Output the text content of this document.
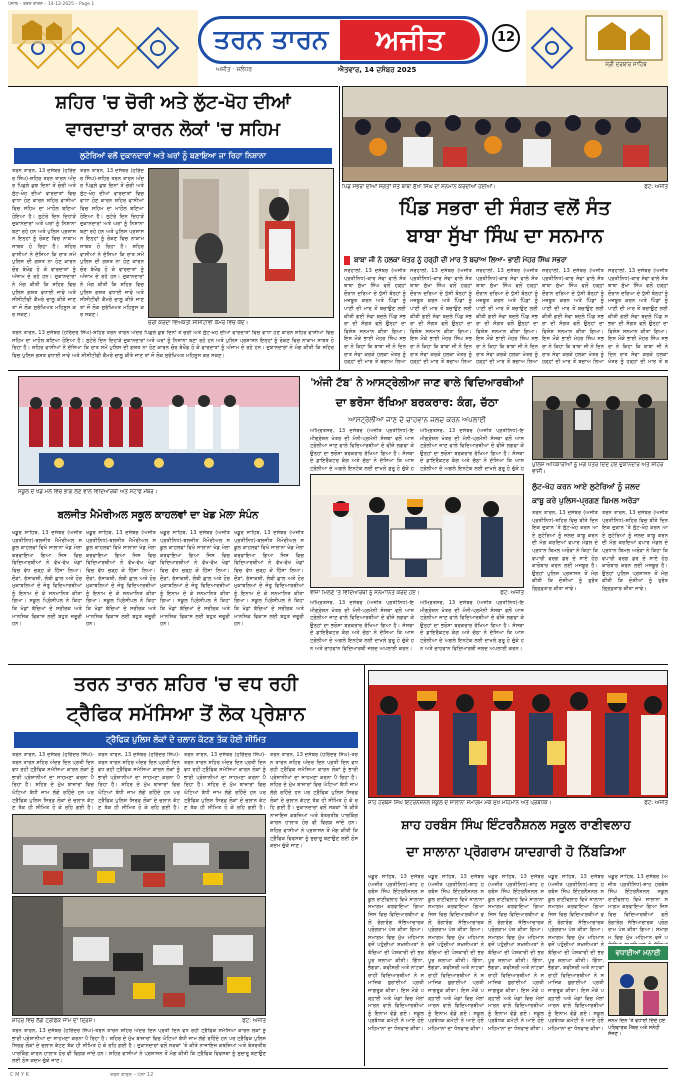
ਪੰਜਾਬ – ਤਰਨ ਤਾਰਨ – 14-12-2025 – Page 1
ਤਰਨ ਤਾਰਨ	ਅਜੀਤ
ਅਜੀਤ · ਜਲੰਧਰ	ਐਤਵਾਰ, 14 ਦਸੰਬਰ 2025
12
ਸ੍ਰੀ ਦਰਬਾਰ ਸਾਹਿਬ
ਸ਼ਹਿਰ 'ਚ ਚੋਰੀ ਅਤੇ ਲੁੱਟ-ਖੋਹ ਦੀਆਂ
ਵਾਰਦਾਤਾਂ ਕਾਰਨ ਲੋਕਾਂ 'ਚ ਸਹਿਮ
ਲੁਟੇਰਿਆਂ ਵਲੋਂ ਦੁਕਾਨਦਾਰਾਂ ਅਤੇ ਘਰਾਂ ਨੂੰ ਬਣਾਇਆ ਜਾ ਰਿਹਾ ਨਿਸ਼ਾਨਾ
ਤਰਨ ਤਾਰਨ, 13 ਦਸੰਬਰ (ਹਰਿੰਦਰ ਸਿੰਘ)-ਸ਼ਹਿਰ ਤਰਨ ਤਾਰਨ ਅੰਦਰ ਪਿਛਲੇ ਕੁਝ ਦਿਨਾਂ ਤੋਂ ਚੋਰੀ ਅਤੇ ਲੁੱਟ-ਖੋਹ ਦੀਆਂ ਵਾਰਦਾਤਾਂ ਵਿਚ ਵਾਧਾ ਹੋਣ ਕਾਰਨ ਸ਼ਹਿਰ ਵਾਸੀਆਂ ਵਿਚ ਸਹਿਮ ਦਾ ਮਾਹੌਲ ਬਣਿਆ ਹੋਇਆ ਹੈ। ਲੁਟੇਰੇ ਦਿਨ ਦਿਹਾੜੇ ਦੁਕਾਨਦਾਰਾਂ ਅਤੇ ਘਰਾਂ ਨੂੰ ਨਿਸ਼ਾਨਾ ਬਣਾ ਰਹੇ ਹਨ ਅਤੇ ਪੁਲਿਸ ਪ੍ਰਸ਼ਾਸਨ ਇਨ੍ਹਾਂ ਨੂੰ ਰੋਕਣ ਵਿਚ ਨਾਕਾਮ ਸਾਬਤ ਹੋ ਰਿਹਾ ਹੈ। ਸ਼ਹਿਰ ਵਾਸੀਆਂ ਨੇ ਦੱਸਿਆ ਕਿ ਰਾਤ ਸਮੇਂ ਪੁਲਿਸ ਦੀ ਗਸ਼ਤ ਨਾ ਹੋਣ ਕਾਰਨ ਚੋਰ ਬੇਖੌਫ ਹੋ ਕੇ ਵਾਰਦਾਤਾਂ ਨੂੰ ਅੰਜਾਮ ਦੇ ਰਹੇ ਹਨ। ਦੁਕਾਨਦਾਰਾਂ ਨੇ ਮੰਗ ਕੀਤੀ ਕਿ ਸ਼ਹਿਰ ਵਿਚ ਪੁਲਿਸ ਗਸ਼ਤ ਵਧਾਈ ਜਾਵੇ ਅਤੇ ਸੀਸੀਟੀਵੀ ਕੈਮਰੇ ਚਾਲੂ ਕੀਤੇ ਜਾਣ ਤਾਂ ਜੋ ਲੋਕ ਸੁਰੱਖਿਅਤ ਮਹਿਸੂਸ ਕਰ ਸਕਣ।
ਤਰਨ ਤਾਰਨ, 13 ਦਸੰਬਰ (ਹਰਿੰਦਰ ਸਿੰਘ)-ਸ਼ਹਿਰ ਤਰਨ ਤਾਰਨ ਅੰਦਰ ਪਿਛਲੇ ਕੁਝ ਦਿਨਾਂ ਤੋਂ ਚੋਰੀ ਅਤੇ ਲੁੱਟ-ਖੋਹ ਦੀਆਂ ਵਾਰਦਾਤਾਂ ਵਿਚ ਵਾਧਾ ਹੋਣ ਕਾਰਨ ਸ਼ਹਿਰ ਵਾਸੀਆਂ ਵਿਚ ਸਹਿਮ ਦਾ ਮਾਹੌਲ ਬਣਿਆ ਹੋਇਆ ਹੈ। ਲੁਟੇਰੇ ਦਿਨ ਦਿਹਾੜੇ ਦੁਕਾਨਦਾਰਾਂ ਅਤੇ ਘਰਾਂ ਨੂੰ ਨਿਸ਼ਾਨਾ ਬਣਾ ਰਹੇ ਹਨ ਅਤੇ ਪੁਲਿਸ ਪ੍ਰਸ਼ਾਸਨ ਇਨ੍ਹਾਂ ਨੂੰ ਰੋਕਣ ਵਿਚ ਨਾਕਾਮ ਸਾਬਤ ਹੋ ਰਿਹਾ ਹੈ। ਸ਼ਹਿਰ ਵਾਸੀਆਂ ਨੇ ਦੱਸਿਆ ਕਿ ਰਾਤ ਸਮੇਂ ਪੁਲਿਸ ਦੀ ਗਸ਼ਤ ਨਾ ਹੋਣ ਕਾਰਨ ਚੋਰ ਬੇਖੌਫ ਹੋ ਕੇ ਵਾਰਦਾਤਾਂ ਨੂੰ ਅੰਜਾਮ ਦੇ ਰਹੇ ਹਨ। ਦੁਕਾਨਦਾਰਾਂ ਨੇ ਮੰਗ ਕੀਤੀ ਕਿ ਸ਼ਹਿਰ ਵਿਚ ਪੁਲਿਸ ਗਸ਼ਤ ਵਧਾਈ ਜਾਵੇ ਅਤੇ ਸੀਸੀਟੀਵੀ ਕੈਮਰੇ ਚਾਲੂ ਕੀਤੇ ਜਾਣ ਤਾਂ ਜੋ ਲੋਕ ਸੁਰੱਖਿਅਤ ਮਹਿਸੂਸ ਕਰ ਸਕਣ।
ਚੋਰੀ ਕਰਦਾ ਵਿਅਕਤੀ ਸੀਸੀਟੀਵੀ ਕੈਮਰੇ ਵਿਚ ਕੈਦ।
ਤਰਨ ਤਾਰਨ, 13 ਦਸੰਬਰ (ਹਰਿੰਦਰ ਸਿੰਘ)-ਸ਼ਹਿਰ ਤਰਨ ਤਾਰਨ ਅੰਦਰ ਪਿਛਲੇ ਕੁਝ ਦਿਨਾਂ ਤੋਂ ਚੋਰੀ ਅਤੇ ਲੁੱਟ-ਖੋਹ ਦੀਆਂ ਵਾਰਦਾਤਾਂ ਵਿਚ ਵਾਧਾ ਹੋਣ ਕਾਰਨ ਸ਼ਹਿਰ ਵਾਸੀਆਂ ਵਿਚ ਸਹਿਮ ਦਾ ਮਾਹੌਲ ਬਣਿਆ ਹੋਇਆ ਹੈ। ਲੁਟੇਰੇ ਦਿਨ ਦਿਹਾੜੇ ਦੁਕਾਨਦਾਰਾਂ ਅਤੇ ਘਰਾਂ ਨੂੰ ਨਿਸ਼ਾਨਾ ਬਣਾ ਰਹੇ ਹਨ ਅਤੇ ਪੁਲਿਸ ਪ੍ਰਸ਼ਾਸਨ ਇਨ੍ਹਾਂ ਨੂੰ ਰੋਕਣ ਵਿਚ ਨਾਕਾਮ ਸਾਬਤ ਹੋ ਰਿਹਾ ਹੈ। ਸ਼ਹਿਰ ਵਾਸੀਆਂ ਨੇ ਦੱਸਿਆ ਕਿ ਰਾਤ ਸਮੇਂ ਪੁਲਿਸ ਦੀ ਗਸ਼ਤ ਨਾ ਹੋਣ ਕਾਰਨ ਚੋਰ ਬੇਖੌਫ ਹੋ ਕੇ ਵਾਰਦਾਤਾਂ ਨੂੰ ਅੰਜਾਮ ਦੇ ਰਹੇ ਹਨ। ਦੁਕਾਨਦਾਰਾਂ ਨੇ ਮੰਗ ਕੀਤੀ ਕਿ ਸ਼ਹਿਰ ਵਿਚ ਪੁਲਿਸ ਗਸ਼ਤ ਵਧਾਈ ਜਾਵੇ ਅਤੇ ਸੀਸੀਟੀਵੀ ਕੈਮਰੇ ਚਾਲੂ ਕੀਤੇ ਜਾਣ ਤਾਂ ਜੋ ਲੋਕ ਸੁਰੱਖਿਅਤ ਮਹਿਸੂਸ ਕਰ ਸਕਣ।
ਪਿੰਡ ਸਭਰਾ ਦੀਆਂ ਸੰਗਤਾਂ ਸੰਤ ਬਾਬਾ ਸੁੱਖਾ ਸਿੰਘ ਦਾ ਸਨਮਾਨ ਕਰਦੀਆਂ ਹੋਈਆਂ।	ਫੋਟੋ: ਅਜੀਤ
ਪਿੰਡ ਸਭਰਾ ਦੀ ਸੰਗਤ ਵਲੋਂ ਸੰਤ
ਬਾਬਾ ਸੁੱਖਾ ਸਿੰਘ ਦਾ ਸਨਮਾਨ
ਬਾਬਾ ਜੀ ਨੇ ਹਲਕਾ ਖੇਤਰ ਨੂੰ ਹਰ੍ਹੀ ਦੀ ਮਾਰ ਤੋਂ ਬਚਾਅ ਲਿਆ- ਭਾਈ ਮੇਹਰ ਸਿੰਘ ਸਭਰਾ
ਸਰਹਾਲੀ, 13 ਦਸੰਬਰ (ਅਜੀਤ ਪ੍ਰਤੀਨਿਧ)-ਕਾਰ ਸੇਵਾ ਵਾਲੇ ਸੰਤ ਬਾਬਾ ਸੁੱਖਾ ਸਿੰਘ ਵਲੋਂ ਹੜ੍ਹਾਂ ਦੌਰਾਨ ਦਰਿਆ ਦੇ ਧੁੱਸੀ ਬੰਨ੍ਹਾਂ ਨੂੰ ਮਜ਼ਬੂਤ ਕਰਨ ਅਤੇ ਪਿੰਡਾਂ ਨੂੰ ਪਾਣੀ ਦੀ ਮਾਰ ਤੋਂ ਬਚਾਉਣ ਲਈ ਕੀਤੀ ਗਈ ਸੇਵਾ ਬਦਲੇ ਪਿੰਡ ਸਭਰਾ ਦੀ ਸੰਗਤ ਵਲੋਂ ਉਨ੍ਹਾਂ ਦਾ ਵਿਸ਼ੇਸ਼ ਸਨਮਾਨ ਕੀਤਾ ਗਿਆ। ਇਸ ਮੌਕੇ ਭਾਈ ਮੇਹਰ ਸਿੰਘ ਸਭਰਾ ਨੇ ਕਿਹਾ ਕਿ ਬਾਬਾ ਜੀ ਨੇ ਦਿਨ ਰਾਤ ਸੇਵਾ ਕਰਕੇ ਹਲਕਾ ਖੇਤਰ ਨੂੰ ਹੜ੍ਹਾਂ ਦੀ ਮਾਰ ਤੋਂ ਬਚਾਅ ਲਿਆ
ਸਰਹਾਲੀ, 13 ਦਸੰਬਰ (ਅਜੀਤ ਪ੍ਰਤੀਨਿਧ)-ਕਾਰ ਸੇਵਾ ਵਾਲੇ ਸੰਤ ਬਾਬਾ ਸੁੱਖਾ ਸਿੰਘ ਵਲੋਂ ਹੜ੍ਹਾਂ ਦੌਰਾਨ ਦਰਿਆ ਦੇ ਧੁੱਸੀ ਬੰਨ੍ਹਾਂ ਨੂੰ ਮਜ਼ਬੂਤ ਕਰਨ ਅਤੇ ਪਿੰਡਾਂ ਨੂੰ ਪਾਣੀ ਦੀ ਮਾਰ ਤੋਂ ਬਚਾਉਣ ਲਈ ਕੀਤੀ ਗਈ ਸੇਵਾ ਬਦਲੇ ਪਿੰਡ ਸਭਰਾ ਦੀ ਸੰਗਤ ਵਲੋਂ ਉਨ੍ਹਾਂ ਦਾ ਵਿਸ਼ੇਸ਼ ਸਨਮਾਨ ਕੀਤਾ ਗਿਆ। ਇਸ ਮੌਕੇ ਭਾਈ ਮੇਹਰ ਸਿੰਘ ਸਭਰਾ ਨੇ ਕਿਹਾ ਕਿ ਬਾਬਾ ਜੀ ਨੇ ਦਿਨ ਰਾਤ ਸੇਵਾ ਕਰਕੇ ਹਲਕਾ ਖੇਤਰ ਨੂੰ ਹੜ੍ਹਾਂ ਦੀ ਮਾਰ ਤੋਂ ਬਚਾਅ ਲਿਆ
ਸਰਹਾਲੀ, 13 ਦਸੰਬਰ (ਅਜੀਤ ਪ੍ਰਤੀਨਿਧ)-ਕਾਰ ਸੇਵਾ ਵਾਲੇ ਸੰਤ ਬਾਬਾ ਸੁੱਖਾ ਸਿੰਘ ਵਲੋਂ ਹੜ੍ਹਾਂ ਦੌਰਾਨ ਦਰਿਆ ਦੇ ਧੁੱਸੀ ਬੰਨ੍ਹਾਂ ਨੂੰ ਮਜ਼ਬੂਤ ਕਰਨ ਅਤੇ ਪਿੰਡਾਂ ਨੂੰ ਪਾਣੀ ਦੀ ਮਾਰ ਤੋਂ ਬਚਾਉਣ ਲਈ ਕੀਤੀ ਗਈ ਸੇਵਾ ਬਦਲੇ ਪਿੰਡ ਸਭਰਾ ਦੀ ਸੰਗਤ ਵਲੋਂ ਉਨ੍ਹਾਂ ਦਾ ਵਿਸ਼ੇਸ਼ ਸਨਮਾਨ ਕੀਤਾ ਗਿਆ। ਇਸ ਮੌਕੇ ਭਾਈ ਮੇਹਰ ਸਿੰਘ ਸਭਰਾ ਨੇ ਕਿਹਾ ਕਿ ਬਾਬਾ ਜੀ ਨੇ ਦਿਨ ਰਾਤ ਸੇਵਾ ਕਰਕੇ ਹਲਕਾ ਖੇਤਰ ਨੂੰ ਹੜ੍ਹਾਂ ਦੀ ਮਾਰ ਤੋਂ ਬਚਾਅ ਲਿਆ
ਸਰਹਾਲੀ, 13 ਦਸੰਬਰ (ਅਜੀਤ ਪ੍ਰਤੀਨਿਧ)-ਕਾਰ ਸੇਵਾ ਵਾਲੇ ਸੰਤ ਬਾਬਾ ਸੁੱਖਾ ਸਿੰਘ ਵਲੋਂ ਹੜ੍ਹਾਂ ਦੌਰਾਨ ਦਰਿਆ ਦੇ ਧੁੱਸੀ ਬੰਨ੍ਹਾਂ ਨੂੰ ਮਜ਼ਬੂਤ ਕਰਨ ਅਤੇ ਪਿੰਡਾਂ ਨੂੰ ਪਾਣੀ ਦੀ ਮਾਰ ਤੋਂ ਬਚਾਉਣ ਲਈ ਕੀਤੀ ਗਈ ਸੇਵਾ ਬਦਲੇ ਪਿੰਡ ਸਭਰਾ ਦੀ ਸੰਗਤ ਵਲੋਂ ਉਨ੍ਹਾਂ ਦਾ ਵਿਸ਼ੇਸ਼ ਸਨਮਾਨ ਕੀਤਾ ਗਿਆ। ਇਸ ਮੌਕੇ ਭਾਈ ਮੇਹਰ ਸਿੰਘ ਸਭਰਾ ਨੇ ਕਿਹਾ ਕਿ ਬਾਬਾ ਜੀ ਨੇ ਦਿਨ ਰਾਤ ਸੇਵਾ ਕਰਕੇ ਹਲਕਾ ਖੇਤਰ ਨੂੰ ਹੜ੍ਹਾਂ ਦੀ ਮਾਰ ਤੋਂ ਬਚਾਅ ਲਿਆ
ਸਰਹਾਲੀ, 13 ਦਸੰਬਰ (ਅਜੀਤ ਪ੍ਰਤੀਨਿਧ)-ਕਾਰ ਸੇਵਾ ਵਾਲੇ ਸੰਤ ਬਾਬਾ ਸੁੱਖਾ ਸਿੰਘ ਵਲੋਂ ਹੜ੍ਹਾਂ ਦੌਰਾਨ ਦਰਿਆ ਦੇ ਧੁੱਸੀ ਬੰਨ੍ਹਾਂ ਨੂੰ ਮਜ਼ਬੂਤ ਕਰਨ ਅਤੇ ਪਿੰਡਾਂ ਨੂੰ ਪਾਣੀ ਦੀ ਮਾਰ ਤੋਂ ਬਚਾਉਣ ਲਈ ਕੀਤੀ ਗਈ ਸੇਵਾ ਬਦਲੇ ਪਿੰਡ ਸਭਰਾ ਦੀ ਸੰਗਤ ਵਲੋਂ ਉਨ੍ਹਾਂ ਦਾ ਵਿਸ਼ੇਸ਼ ਸਨਮਾਨ ਕੀਤਾ ਗਿਆ। ਇਸ ਮੌਕੇ ਭਾਈ ਮੇਹਰ ਸਿੰਘ ਸਭਰਾ ਨੇ ਕਿਹਾ ਕਿ ਬਾਬਾ ਜੀ ਨੇ ਦਿਨ ਰਾਤ ਸੇਵਾ ਕਰਕੇ ਹਲਕਾ ਖੇਤਰ ਨੂੰ ਹੜ੍ਹਾਂ ਦੀ ਮਾਰ ਤੋਂ ਬ
ਸਕੂਲ ਦੇ ਖੇਡ ਮੇਲੇ ਵਿਚ ਭਾਗ ਲੈਣ ਵਾਲੇ ਵਿਦਿਆਰਥੀ ਅਤੇ ਸਟਾਫ ਮੈਂਬਰ।
ਬਲਜੀਤ ਮੈਮੋਰੀਅਲ ਸਕੂਲ ਕਾਹਲਵਾਂ ਦਾ ਖੇਡ ਮੇਲਾ ਸੰਪੰਨ
ਖਡੂਰ ਸਾਹਿਬ, 13 ਦਸੰਬਰ (ਅਜੀਤ ਪ੍ਰਤੀਨਿਧ)-ਬਲਜੀਤ ਮੈਮੋਰੀਅਲ ਸਕੂਲ ਕਾਹਲਵਾਂ ਵਿਖੇ ਸਾਲਾਨਾ ਖੇਡ ਮੇਲਾ ਕਰਵਾਇਆ ਗਿਆ ਜਿਸ ਵਿਚ ਵਿਦਿਆਰਥੀਆਂ ਨੇ ਵੱਖ-ਵੱਖ ਖੇਡਾਂ ਵਿਚ ਵੱਧ ਚੜ੍ਹ ਕੇ ਹਿੱਸਾ ਲਿਆ। ਦੌੜਾਂ, ਰੱਸਾਕਸ਼ੀ, ਲੰਬੀ ਛਾਲ ਅਤੇ ਹੋਰ ਮੁਕਾਬਲਿਆਂ ਦੇ ਜੇਤੂ ਵਿਦਿਆਰਥੀਆਂ ਨੂੰ ਇਨਾਮ ਦੇ ਕੇ ਸਨਮਾਨਿਤ ਕੀਤਾ ਗਿਆ। ਸਕੂਲ ਪ੍ਰਿੰਸੀਪਲ ਨੇ ਕਿਹਾ ਕਿ ਖੇਡਾਂ ਬੱਚਿਆਂ ਦੇ ਸਰੀਰਕ ਅਤੇ ਮਾਨਸਿਕ ਵਿਕਾਸ ਲਈ ਬਹੁਤ ਜ਼ਰੂਰੀ ਹਨ।
ਖਡੂਰ ਸਾਹਿਬ, 13 ਦਸੰਬਰ (ਅਜੀਤ ਪ੍ਰਤੀਨਿਧ)-ਬਲਜੀਤ ਮੈਮੋਰੀਅਲ ਸਕੂਲ ਕਾਹਲਵਾਂ ਵਿਖੇ ਸਾਲਾਨਾ ਖੇਡ ਮੇਲਾ ਕਰਵਾਇਆ ਗਿਆ ਜਿਸ ਵਿਚ ਵਿਦਿਆਰਥੀਆਂ ਨੇ ਵੱਖ-ਵੱਖ ਖੇਡਾਂ ਵਿਚ ਵੱਧ ਚੜ੍ਹ ਕੇ ਹਿੱਸਾ ਲਿਆ। ਦੌੜਾਂ, ਰੱਸਾਕਸ਼ੀ, ਲੰਬੀ ਛਾਲ ਅਤੇ ਹੋਰ ਮੁਕਾਬਲਿਆਂ ਦੇ ਜੇਤੂ ਵਿਦਿਆਰਥੀਆਂ ਨੂੰ ਇਨਾਮ ਦੇ ਕੇ ਸਨਮਾਨਿਤ ਕੀਤਾ ਗਿਆ। ਸਕੂਲ ਪ੍ਰਿੰਸੀਪਲ ਨੇ ਕਿਹਾ ਕਿ ਖੇਡਾਂ ਬੱਚਿਆਂ ਦੇ ਸਰੀਰਕ ਅਤੇ ਮਾਨਸਿਕ ਵਿਕਾਸ ਲਈ ਬਹੁਤ ਜ਼ਰੂਰੀ ਹਨ।
ਖਡੂਰ ਸਾਹਿਬ, 13 ਦਸੰਬਰ (ਅਜੀਤ ਪ੍ਰਤੀਨਿਧ)-ਬਲਜੀਤ ਮੈਮੋਰੀਅਲ ਸਕੂਲ ਕਾਹਲਵਾਂ ਵਿਖੇ ਸਾਲਾਨਾ ਖੇਡ ਮੇਲਾ ਕਰਵਾਇਆ ਗਿਆ ਜਿਸ ਵਿਚ ਵਿਦਿਆਰਥੀਆਂ ਨੇ ਵੱਖ-ਵੱਖ ਖੇਡਾਂ ਵਿਚ ਵੱਧ ਚੜ੍ਹ ਕੇ ਹਿੱਸਾ ਲਿਆ। ਦੌੜਾਂ, ਰੱਸਾਕਸ਼ੀ, ਲੰਬੀ ਛਾਲ ਅਤੇ ਹੋਰ ਮੁਕਾਬਲਿਆਂ ਦੇ ਜੇਤੂ ਵਿਦਿਆਰਥੀਆਂ ਨੂੰ ਇਨਾਮ ਦੇ ਕੇ ਸਨਮਾਨਿਤ ਕੀਤਾ ਗਿਆ। ਸਕੂਲ ਪ੍ਰਿੰਸੀਪਲ ਨੇ ਕਿਹਾ ਕਿ ਖੇਡਾਂ ਬੱਚਿਆਂ ਦੇ ਸਰੀਰਕ ਅਤੇ ਮਾਨਸਿਕ ਵਿਕਾਸ ਲਈ ਬਹੁਤ ਜ਼ਰੂਰੀ ਹਨ।
ਖਡੂਰ ਸਾਹਿਬ, 13 ਦਸੰਬਰ (ਅਜੀਤ ਪ੍ਰਤੀਨਿਧ)-ਬਲਜੀਤ ਮੈਮੋਰੀਅਲ ਸਕੂਲ ਕਾਹਲਵਾਂ ਵਿਖੇ ਸਾਲਾਨਾ ਖੇਡ ਮੇਲਾ ਕਰਵਾਇਆ ਗਿਆ ਜਿਸ ਵਿਚ ਵਿਦਿਆਰਥੀਆਂ ਨੇ ਵੱਖ-ਵੱਖ ਖੇਡਾਂ ਵਿਚ ਵੱਧ ਚੜ੍ਹ ਕੇ ਹਿੱਸਾ ਲਿਆ। ਦੌੜਾਂ, ਰੱਸਾਕਸ਼ੀ, ਲੰਬੀ ਛਾਲ ਅਤੇ ਹੋਰ ਮੁਕਾਬਲਿਆਂ ਦੇ ਜੇਤੂ ਵਿਦਿਆਰਥੀਆਂ ਨੂੰ ਇਨਾਮ ਦੇ ਕੇ ਸਨਮਾਨਿਤ ਕੀਤਾ ਗਿਆ। ਸਕੂਲ ਪ੍ਰਿੰਸੀਪਲ ਨੇ ਕਿਹਾ ਕਿ ਖੇਡਾਂ ਬੱਚਿਆਂ ਦੇ ਸਰੀਰਕ ਅਤੇ ਮਾਨਸਿਕ ਵਿਕਾਸ ਲਈ ਬਹੁਤ ਜ਼ਰੂਰੀ ਹਨ।
'ਅੰਜੀ ਟੱਬ' ਨੇ ਆਸਟ੍ਰੇਲੀਆ ਜਾਣ ਵਾਲੇ ਵਿਦਿਆਰਥੀਆਂ
ਦਾ ਭਰੋਸਾ ਰੱਖਿਆ ਬਰਕਰਾਰ: ਕੰਗ, ਚੱਠਾ
ਆਸਟ੍ਰੇਲੀਆ ਜਾਣ ਦੇ ਚਾਹਵਾਨ ਜਲਦ ਕਰਨ ਅਪਲਾਈ
ਅੰਮ੍ਰਿਤਸਰ, 13 ਦਸੰਬਰ (ਅਜੀਤ ਪ੍ਰਤੀਨਿਧ)-ਇਮੀਗ੍ਰੇਸ਼ਨ ਖੇਤਰ ਦੀ ਮੰਨੀ-ਪ੍ਰਮੰਨੀ ਸੰਸਥਾ ਵਲੋਂ ਆਸਟ੍ਰੇਲੀਆ ਜਾਣ ਵਾਲੇ ਵਿਦਿਆਰਥੀਆਂ ਦੇ ਵੀਜ਼ੇ ਲਗਵਾ ਕੇ ਉਨ੍ਹਾਂ ਦਾ ਭਰੋਸਾ ਬਰਕਰਾਰ ਰੱਖਿਆ ਗਿਆ ਹੈ। ਸੰਸਥਾ ਦੇ ਡਾਇਰੈਕਟਰ ਕੰਗ ਅਤੇ ਚੱਠਾ ਨੇ ਦੱਸਿਆ ਕਿ ਆਸਟ੍ਰੇਲੀਆ ਦੇ ਅਗਲੇ ਇਨਟੇਕ ਲਈ ਦਾਖਲੇ ਸ਼ੁਰੂ ਹੋ ਚੁੱਕੇ ਹ
ਅੰਮ੍ਰਿਤਸਰ, 13 ਦਸੰਬਰ (ਅਜੀਤ ਪ੍ਰਤੀਨਿਧ)-ਇਮੀਗ੍ਰੇਸ਼ਨ ਖੇਤਰ ਦੀ ਮੰਨੀ-ਪ੍ਰਮੰਨੀ ਸੰਸਥਾ ਵਲੋਂ ਆਸਟ੍ਰੇਲੀਆ ਜਾਣ ਵਾਲੇ ਵਿਦਿਆਰਥੀਆਂ ਦੇ ਵੀਜ਼ੇ ਲਗਵਾ ਕੇ ਉਨ੍ਹਾਂ ਦਾ ਭਰੋਸਾ ਬਰਕਰਾਰ ਰੱਖਿਆ ਗਿਆ ਹੈ। ਸੰਸਥਾ ਦੇ ਡਾਇਰੈਕਟਰ ਕੰਗ ਅਤੇ ਚੱਠਾ ਨੇ ਦੱਸਿਆ ਕਿ ਆਸਟ੍ਰੇਲੀਆ ਦੇ ਅਗਲੇ ਇਨਟੇਕ ਲਈ ਦਾਖਲੇ ਸ਼ੁਰੂ ਹੋ ਚੁੱਕੇ ਹ
ਵੀਜ਼ਾ ਮਿਲਣ 'ਤੇ ਵਿਦਿਆਰਥੀ ਨੂੰ ਸਨਮਾਨਿਤ ਕਰਦੇ ਹੋਏ।	ਫੋਟੋ: ਅਜੀਤ
ਅੰਮ੍ਰਿਤਸਰ, 13 ਦਸੰਬਰ (ਅਜੀਤ ਪ੍ਰਤੀਨਿਧ)-ਇਮੀਗ੍ਰੇਸ਼ਨ ਖੇਤਰ ਦੀ ਮੰਨੀ-ਪ੍ਰਮੰਨੀ ਸੰਸਥਾ ਵਲੋਂ ਆਸਟ੍ਰੇਲੀਆ ਜਾਣ ਵਾਲੇ ਵਿਦਿਆਰਥੀਆਂ ਦੇ ਵੀਜ਼ੇ ਲਗਵਾ ਕੇ ਉਨ੍ਹਾਂ ਦਾ ਭਰੋਸਾ ਬਰਕਰਾਰ ਰੱਖਿਆ ਗਿਆ ਹੈ। ਸੰਸਥਾ ਦੇ ਡਾਇਰੈਕਟਰ ਕੰਗ ਅਤੇ ਚੱਠਾ ਨੇ ਦੱਸਿਆ ਕਿ ਆਸਟ੍ਰੇਲੀਆ ਦੇ ਅਗਲੇ ਇਨਟੇਕ ਲਈ ਦਾਖਲੇ ਸ਼ੁਰੂ ਹੋ ਚੁੱਕੇ ਹਨ ਅਤੇ ਚਾਹਵਾਨ ਵਿਦਿਆਰਥੀ ਜਲਦ ਅਪਲਾਈ ਕਰਨ।
ਅੰਮ੍ਰਿਤਸਰ, 13 ਦਸੰਬਰ (ਅਜੀਤ ਪ੍ਰਤੀਨਿਧ)-ਇਮੀਗ੍ਰੇਸ਼ਨ ਖੇਤਰ ਦੀ ਮੰਨੀ-ਪ੍ਰਮੰਨੀ ਸੰਸਥਾ ਵਲੋਂ ਆਸਟ੍ਰੇਲੀਆ ਜਾਣ ਵਾਲੇ ਵਿਦਿਆਰਥੀਆਂ ਦੇ ਵੀਜ਼ੇ ਲਗਵਾ ਕੇ ਉਨ੍ਹਾਂ ਦਾ ਭਰੋਸਾ ਬਰਕਰਾਰ ਰੱਖਿਆ ਗਿਆ ਹੈ। ਸੰਸਥਾ ਦੇ ਡਾਇਰੈਕਟਰ ਕੰਗ ਅਤੇ ਚੱਠਾ ਨੇ ਦੱਸਿਆ ਕਿ ਆਸਟ੍ਰੇਲੀਆ ਦੇ ਅਗਲੇ ਇਨਟੇਕ ਲਈ ਦਾਖਲੇ ਸ਼ੁਰੂ ਹੋ ਚੁੱਕੇ ਹਨ ਅਤੇ ਚਾਹਵਾਨ ਵਿਦਿਆਰਥੀ ਜਲਦ ਅਪਲਾਈ ਕਰਨ।
ਪੁਲਿਸ ਅਧਿਕਾਰੀਆਂ ਨੂੰ ਮੰਗ ਪੱਤਰ ਦਿੰਦੇ ਹੋਏ ਦੁਕਾਨਦਾਰ ਅਤੇ ਸ਼ਹਿਰ ਵਾਸੀ।
ਲੁੱਟ-ਖੋਹ ਕਰਨ ਆਏ ਲੁਟੇਰਿਆਂ ਨੂੰ ਜਲਦ
ਕਾਬੂ ਕਰੇ ਪੁਲਿਸ-ਪ੍ਰਗਣ ਬਿਮਲ ਅਰੋੜਾ
ਤਰਨ ਤਾਰਨ, 13 ਦਸੰਬਰ (ਅਜੀਤ ਪ੍ਰਤੀਨਿਧ)-ਸ਼ਹਿਰ ਵਿਚ ਬੀਤੇ ਦਿਨ ਇਕ ਦੁਕਾਨ 'ਤੇ ਲੁੱਟ-ਖੋਹ ਕਰਨ ਆਏ ਲੁਟੇਰਿਆਂ ਨੂੰ ਜਲਦ ਕਾਬੂ ਕਰਨ ਦੀ ਮੰਗ ਕਰਦਿਆਂ ਵਪਾਰ ਮੰਡਲ ਦੇ ਪ੍ਰਧਾਨ ਬਿਮਲ ਅਰੋੜਾ ਨੇ ਕਿਹਾ ਕਿ ਵਪਾਰੀ ਵਰਗ ਡਰ ਦੇ ਸਾਏ ਹੇਠ ਕਾਰੋਬਾਰ ਕਰਨ ਲਈ ਮਜਬੂਰ ਹੈ। ਉਨ੍ਹਾਂ ਪੁਲਿਸ ਪ੍ਰਸ਼ਾਸਨ ਤੋਂ ਮੰਗ ਕੀਤੀ ਕਿ ਦੋਸ਼ੀਆਂ ਨੂੰ ਤੁਰੰਤ ਗ੍ਰਿਫ਼ਤਾਰ ਕੀਤਾ ਜਾਵੇ।
ਤਰਨ ਤਾਰਨ, 13 ਦਸੰਬਰ (ਅਜੀਤ ਪ੍ਰਤੀਨਿਧ)-ਸ਼ਹਿਰ ਵਿਚ ਬੀਤੇ ਦਿਨ ਇਕ ਦੁਕਾਨ 'ਤੇ ਲੁੱਟ-ਖੋਹ ਕਰਨ ਆਏ ਲੁਟੇਰਿਆਂ ਨੂੰ ਜਲਦ ਕਾਬੂ ਕਰਨ ਦੀ ਮੰਗ ਕਰਦਿਆਂ ਵਪਾਰ ਮੰਡਲ ਦੇ ਪ੍ਰਧਾਨ ਬਿਮਲ ਅਰੋੜਾ ਨੇ ਕਿਹਾ ਕਿ ਵਪਾਰੀ ਵਰਗ ਡਰ ਦੇ ਸਾਏ ਹੇਠ ਕਾਰੋਬਾਰ ਕਰਨ ਲਈ ਮਜਬੂਰ ਹੈ। ਉਨ੍ਹਾਂ ਪੁਲਿਸ ਪ੍ਰਸ਼ਾਸਨ ਤੋਂ ਮੰਗ ਕੀਤੀ ਕਿ ਦੋਸ਼ੀਆਂ ਨੂੰ ਤੁਰੰਤ ਗ੍ਰਿਫ਼ਤਾਰ ਕੀਤਾ ਜਾਵੇ।
ਤਰਨ ਤਾਰਨ ਸ਼ਹਿਰ 'ਚ ਵਧ ਰਹੀ
ਟ੍ਰੈਫਿਕ ਸਮੱਸਿਆ ਤੋਂ ਲੋਕ ਪ੍ਰੇਸ਼ਾਨ
ਟ੍ਰੈਫਿਕ ਪੁਲਿਸ ਲੋਕਾਂ ਦੇ ਚਲਾਨ ਕੱਟਣ ਤੱਕ ਹੋਈ ਸੀਮਿਤ
ਤਰਨ ਤਾਰਨ, 13 ਦਸੰਬਰ (ਹਰਿੰਦਰ ਸਿੰਘ)-ਤਰਨ ਤਾਰਨ ਸ਼ਹਿਰ ਅੰਦਰ ਦਿਨ ਪ੍ਰਤੀ ਦਿਨ ਵਧ ਰਹੀ ਟ੍ਰੈਫਿਕ ਸਮੱਸਿਆ ਕਾਰਨ ਲੋਕਾਂ ਨੂੰ ਭਾਰੀ ਪ੍ਰੇਸ਼ਾਨੀਆਂ ਦਾ ਸਾਹਮਣਾ ਕਰਨਾ ਪੈ ਰਿਹਾ ਹੈ। ਸ਼ਹਿਰ ਦੇ ਮੁੱਖ ਬਾਜ਼ਾਰਾਂ ਵਿਚ ਘੰਟਿਆਂ ਬੱਧੀ ਜਾਮ ਲੱਗੇ ਰਹਿੰਦੇ ਹਨ ਪਰ ਟ੍ਰੈਫਿਕ ਪੁਲਿਸ ਸਿਰਫ਼ ਲੋਕਾਂ ਦੇ ਚਲਾਨ ਕੱਟਣ ਤੱਕ ਹੀ ਸੀਮਿਤ ਹੋ ਕੇ ਰਹਿ ਗਈ ਹੈ।
ਤਰਨ ਤਾਰਨ, 13 ਦਸੰਬਰ (ਹਰਿੰਦਰ ਸਿੰਘ)-ਤਰਨ ਤਾਰਨ ਸ਼ਹਿਰ ਅੰਦਰ ਦਿਨ ਪ੍ਰਤੀ ਦਿਨ ਵਧ ਰਹੀ ਟ੍ਰੈਫਿਕ ਸਮੱਸਿਆ ਕਾਰਨ ਲੋਕਾਂ ਨੂੰ ਭਾਰੀ ਪ੍ਰੇਸ਼ਾਨੀਆਂ ਦਾ ਸਾਹਮਣਾ ਕਰਨਾ ਪੈ ਰਿਹਾ ਹੈ। ਸ਼ਹਿਰ ਦੇ ਮੁੱਖ ਬਾਜ਼ਾਰਾਂ ਵਿਚ ਘੰਟਿਆਂ ਬੱਧੀ ਜਾਮ ਲੱਗੇ ਰਹਿੰਦੇ ਹਨ ਪਰ ਟ੍ਰੈਫਿਕ ਪੁਲਿਸ ਸਿਰਫ਼ ਲੋਕਾਂ ਦੇ ਚਲਾਨ ਕੱਟਣ ਤੱਕ ਹੀ ਸੀਮਿਤ ਹੋ ਕੇ ਰਹਿ ਗਈ ਹੈ।
ਤਰਨ ਤਾਰਨ, 13 ਦਸੰਬਰ (ਹਰਿੰਦਰ ਸਿੰਘ)-ਤਰਨ ਤਾਰਨ ਸ਼ਹਿਰ ਅੰਦਰ ਦਿਨ ਪ੍ਰਤੀ ਦਿਨ ਵਧ ਰਹੀ ਟ੍ਰੈਫਿਕ ਸਮੱਸਿਆ ਕਾਰਨ ਲੋਕਾਂ ਨੂੰ ਭਾਰੀ ਪ੍ਰੇਸ਼ਾਨੀਆਂ ਦਾ ਸਾਹਮਣਾ ਕਰਨਾ ਪੈ ਰਿਹਾ ਹੈ। ਸ਼ਹਿਰ ਦੇ ਮੁੱਖ ਬਾਜ਼ਾਰਾਂ ਵਿਚ ਘੰਟਿਆਂ ਬੱਧੀ ਜਾਮ ਲੱਗੇ ਰਹਿੰਦੇ ਹਨ ਪਰ ਟ੍ਰੈਫਿਕ ਪੁਲਿਸ ਸਿਰਫ਼ ਲੋਕਾਂ ਦੇ ਚਲਾਨ ਕੱਟਣ ਤੱਕ ਹੀ ਸੀਮਿਤ ਹੋ ਕੇ ਰਹਿ ਗਈ ਹੈ।
ਤਰਨ ਤਾਰਨ, 13 ਦਸੰਬਰ (ਹਰਿੰਦਰ ਸਿੰਘ)-ਤਰਨ ਤਾਰਨ ਸ਼ਹਿਰ ਅੰਦਰ ਦਿਨ ਪ੍ਰਤੀ ਦਿਨ ਵਧ ਰਹੀ ਟ੍ਰੈਫਿਕ ਸਮੱਸਿਆ ਕਾਰਨ ਲੋਕਾਂ ਨੂੰ ਭਾਰੀ ਪ੍ਰੇਸ਼ਾਨੀਆਂ ਦਾ ਸਾਹਮਣਾ ਕਰਨਾ ਪੈ ਰਿਹਾ ਹੈ। ਸ਼ਹਿਰ ਦੇ ਮੁੱਖ ਬਾਜ਼ਾਰਾਂ ਵਿਚ ਘੰਟਿਆਂ ਬੱਧੀ ਜਾਮ ਲੱਗੇ ਰਹਿੰਦੇ ਹਨ ਪਰ ਟ੍ਰੈਫਿਕ ਪੁਲਿਸ ਸਿਰਫ਼ ਲੋਕਾਂ ਦੇ ਚਲਾਨ ਕੱਟਣ ਤੱਕ ਹੀ ਸੀਮਿਤ ਹੋ ਕੇ ਰਹਿ ਗਈ ਹੈ। ਦੁਕਾਨਦਾਰਾਂ ਵਲੋਂ ਸੜਕਾਂ 'ਤੇ ਕੀਤੇ ਨਾਜਾਇਜ਼ ਕਬਜ਼ਿਆਂ ਅਤੇ ਬੇਤਰਤੀਬ ਪਾਰਕਿੰਗ ਕਾਰਨ ਹਾਲਾਤ ਹੋਰ ਵੀ ਵਿਗੜ ਜਾਂਦੇ ਹਨ। ਸ਼ਹਿਰ ਵਾਸੀਆਂ ਨੇ ਪ੍ਰਸ਼ਾਸਨ ਤੋਂ ਮੰਗ ਕੀਤੀ ਕਿ ਟ੍ਰੈਫਿਕ ਵਿਵਸਥਾ ਨੂੰ ਸੁਚਾਰੂ ਬਣਾਉਣ ਲਈ ਠੋਸ ਕਦਮ ਚੁੱਕੇ ਜਾਣ।
ਸ਼ਹਿਰ ਵਿਚ ਲੱਗੇ ਟ੍ਰੈਫਿਕ ਜਾਮ ਦਾ ਦ੍ਰਿਸ਼।	ਫੋਟੋ: ਅਜੀਤ
ਤਰਨ ਤਾਰਨ, 13 ਦਸੰਬਰ (ਹਰਿੰਦਰ ਸਿੰਘ)-ਤਰਨ ਤਾਰਨ ਸ਼ਹਿਰ ਅੰਦਰ ਦਿਨ ਪ੍ਰਤੀ ਦਿਨ ਵਧ ਰਹੀ ਟ੍ਰੈਫਿਕ ਸਮੱਸਿਆ ਕਾਰਨ ਲੋਕਾਂ ਨੂੰ ਭਾਰੀ ਪ੍ਰੇਸ਼ਾਨੀਆਂ ਦਾ ਸਾਹਮਣਾ ਕਰਨਾ ਪੈ ਰਿਹਾ ਹੈ। ਸ਼ਹਿਰ ਦੇ ਮੁੱਖ ਬਾਜ਼ਾਰਾਂ ਵਿਚ ਘੰਟਿਆਂ ਬੱਧੀ ਜਾਮ ਲੱਗੇ ਰਹਿੰਦੇ ਹਨ ਪਰ ਟ੍ਰੈਫਿਕ ਪੁਲਿਸ ਸਿਰਫ਼ ਲੋਕਾਂ ਦੇ ਚਲਾਨ ਕੱਟਣ ਤੱਕ ਹੀ ਸੀਮਿਤ ਹੋ ਕੇ ਰਹਿ ਗਈ ਹੈ। ਦੁਕਾਨਦਾਰਾਂ ਵਲੋਂ ਸੜਕਾਂ 'ਤੇ ਕੀਤੇ ਨਾਜਾਇਜ਼ ਕਬਜ਼ਿਆਂ ਅਤੇ ਬੇਤਰਤੀਬ ਪਾਰਕਿੰਗ ਕਾਰਨ ਹਾਲਾਤ ਹੋਰ ਵੀ ਵਿਗੜ ਜਾਂਦੇ ਹਨ। ਸ਼ਹਿਰ ਵਾਸੀਆਂ ਨੇ ਪ੍ਰਸ਼ਾਸਨ ਤੋਂ ਮੰਗ ਕੀਤੀ ਕਿ ਟ੍ਰੈਫਿਕ ਵਿਵਸਥਾ ਨੂੰ ਸੁਚਾਰੂ ਬਣਾਉਣ ਲਈ ਠੋਸ ਕਦਮ ਚੁੱਕੇ ਜਾਣ।
ਸ਼ਾਹ ਹਰਬੰਸ ਸਿੰਘ ਇੰਟਰਨੈਸ਼ਨਲ ਸਕੂਲ ਦੇ ਸਾਲਾਨਾ ਸਮਾਗਮ ਮੌਕੇ ਮੁੱਖ ਮਹਿਮਾਨ ਅਤੇ ਪ੍ਰਬੰਧਕ।	ਫੋਟੋ: ਅਜੀਤ
ਸ਼ਾਹ ਹਰਬੰਸ ਸਿੰਘ ਇੰਟਰਨੈਸ਼ਨਲ ਸਕੂਲ ਰਾਣੀਵਲਾਹ
ਦਾ ਸਾਲਾਨਾ ਪ੍ਰੋਗਰਾਮ ਯਾਦਗਾਰੀ ਹੋ ਨਿੱਬੜਿਆ
ਖਡੂਰ ਸਾਹਿਬ, 13 ਦਸੰਬਰ (ਅਜੀਤ ਪ੍ਰਤੀਨਿਧ)-ਸ਼ਾਹ ਹਰਬੰਸ ਸਿੰਘ ਇੰਟਰਨੈਸ਼ਨਲ ਸਕੂਲ ਰਾਣੀਵਲਾਹ ਵਿਖੇ ਸਾਲਾਨਾ ਸਮਾਗਮ ਕਰਵਾਇਆ ਗਿਆ ਜਿਸ ਵਿਚ ਵਿਦਿਆਰਥੀਆਂ ਵਲੋਂ ਰੰਗਾਰੰਗ ਸੱਭਿਆਚਾਰਕ ਪ੍ਰੋਗਰਾਮ ਪੇਸ਼ ਕੀਤਾ ਗਿਆ। ਸਮਾਗਮ ਵਿਚ ਮੁੱਖ ਮਹਿਮਾਨ ਵਜੋਂ ਪਹੁੰਚੀਆਂ ਸ਼ਖ਼ਸੀਅਤਾਂ ਨੇ ਬੱਚਿਆਂ ਦੀ ਪੇਸ਼ਕਾਰੀ ਦੀ ਭਰਪੂਰ ਸ਼ਲਾਘਾ ਕੀਤੀ। ਗਿੱਧਾ, ਭੰਗੜਾ, ਕਵੀਸ਼ਰੀ ਅਤੇ ਨਾਟਕਾਂ ਰਾਹੀਂ ਵਿਦਿਆਰਥੀਆਂ ਨੇ ਸਮਾਜਿਕ ਬੁਰਾਈਆਂ ਪ੍ਰਤੀ ਜਾਗਰੂਕ ਕੀਤਾ। ਇਸ ਮੌਕੇ ਪੜ੍ਹਾਈ ਅਤੇ ਖੇਡਾਂ ਵਿਚ ਮੱਲਾਂ ਮਾਰਨ ਵਾਲੇ ਵਿਦਿਆਰਥੀਆਂ ਨੂੰ ਇਨਾਮ ਵੰਡੇ ਗਏ। ਸਕੂਲ ਪ੍ਰਬੰਧਕ ਕਮੇਟੀ ਨੇ ਆਏ ਹੋਏ ਮਹਿਮਾਨਾਂ ਦਾ ਧੰਨਵਾਦ ਕੀਤਾ।
ਖਡੂਰ ਸਾਹਿਬ, 13 ਦਸੰਬਰ (ਅਜੀਤ ਪ੍ਰਤੀਨਿਧ)-ਸ਼ਾਹ ਹਰਬੰਸ ਸਿੰਘ ਇੰਟਰਨੈਸ਼ਨਲ ਸਕੂਲ ਰਾਣੀਵਲਾਹ ਵਿਖੇ ਸਾਲਾਨਾ ਸਮਾਗਮ ਕਰਵਾਇਆ ਗਿਆ ਜਿਸ ਵਿਚ ਵਿਦਿਆਰਥੀਆਂ ਵਲੋਂ ਰੰਗਾਰੰਗ ਸੱਭਿਆਚਾਰਕ ਪ੍ਰੋਗਰਾਮ ਪੇਸ਼ ਕੀਤਾ ਗਿਆ। ਸਮਾਗਮ ਵਿਚ ਮੁੱਖ ਮਹਿਮਾਨ ਵਜੋਂ ਪਹੁੰਚੀਆਂ ਸ਼ਖ਼ਸੀਅਤਾਂ ਨੇ ਬੱਚਿਆਂ ਦੀ ਪੇਸ਼ਕਾਰੀ ਦੀ ਭਰਪੂਰ ਸ਼ਲਾਘਾ ਕੀਤੀ। ਗਿੱਧਾ, ਭੰਗੜਾ, ਕਵੀਸ਼ਰੀ ਅਤੇ ਨਾਟਕਾਂ ਰਾਹੀਂ ਵਿਦਿਆਰਥੀਆਂ ਨੇ ਸਮਾਜਿਕ ਬੁਰਾਈਆਂ ਪ੍ਰਤੀ ਜਾਗਰੂਕ ਕੀਤਾ। ਇਸ ਮੌਕੇ ਪੜ੍ਹਾਈ ਅਤੇ ਖੇਡਾਂ ਵਿਚ ਮੱਲਾਂ ਮਾਰਨ ਵਾਲੇ ਵਿਦਿਆਰਥੀਆਂ ਨੂੰ ਇਨਾਮ ਵੰਡੇ ਗਏ। ਸਕੂਲ ਪ੍ਰਬੰਧਕ ਕਮੇਟੀ ਨੇ ਆਏ ਹੋਏ ਮਹਿਮਾਨਾਂ ਦਾ ਧੰਨਵਾਦ ਕੀਤਾ।
ਖਡੂਰ ਸਾਹਿਬ, 13 ਦਸੰਬਰ (ਅਜੀਤ ਪ੍ਰਤੀਨਿਧ)-ਸ਼ਾਹ ਹਰਬੰਸ ਸਿੰਘ ਇੰਟਰਨੈਸ਼ਨਲ ਸਕੂਲ ਰਾਣੀਵਲਾਹ ਵਿਖੇ ਸਾਲਾਨਾ ਸਮਾਗਮ ਕਰਵਾਇਆ ਗਿਆ ਜਿਸ ਵਿਚ ਵਿਦਿਆਰਥੀਆਂ ਵਲੋਂ ਰੰਗਾਰੰਗ ਸੱਭਿਆਚਾਰਕ ਪ੍ਰੋਗਰਾਮ ਪੇਸ਼ ਕੀਤਾ ਗਿਆ। ਸਮਾਗਮ ਵਿਚ ਮੁੱਖ ਮਹਿਮਾਨ ਵਜੋਂ ਪਹੁੰਚੀਆਂ ਸ਼ਖ਼ਸੀਅਤਾਂ ਨੇ ਬੱਚਿਆਂ ਦੀ ਪੇਸ਼ਕਾਰੀ ਦੀ ਭਰਪੂਰ ਸ਼ਲਾਘਾ ਕੀਤੀ। ਗਿੱਧਾ, ਭੰਗੜਾ, ਕਵੀਸ਼ਰੀ ਅਤੇ ਨਾਟਕਾਂ ਰਾਹੀਂ ਵਿਦਿਆਰਥੀਆਂ ਨੇ ਸਮਾਜਿਕ ਬੁਰਾਈਆਂ ਪ੍ਰਤੀ ਜਾਗਰੂਕ ਕੀਤਾ। ਇਸ ਮੌਕੇ ਪੜ੍ਹਾਈ ਅਤੇ ਖੇਡਾਂ ਵਿਚ ਮੱਲਾਂ ਮਾਰਨ ਵਾਲੇ ਵਿਦਿਆਰਥੀਆਂ ਨੂੰ ਇਨਾਮ ਵੰਡੇ ਗਏ। ਸਕੂਲ ਪ੍ਰਬੰਧਕ ਕਮੇਟੀ ਨੇ ਆਏ ਹੋਏ ਮਹਿਮਾਨਾਂ ਦਾ ਧੰਨਵਾਦ ਕੀਤਾ।
ਖਡੂਰ ਸਾਹਿਬ, 13 ਦਸੰਬਰ (ਅਜੀਤ ਪ੍ਰਤੀਨਿਧ)-ਸ਼ਾਹ ਹਰਬੰਸ ਸਿੰਘ ਇੰਟਰਨੈਸ਼ਨਲ ਸਕੂਲ ਰਾਣੀਵਲਾਹ ਵਿਖੇ ਸਾਲਾਨਾ ਸਮਾਗਮ ਕਰਵਾਇਆ ਗਿਆ ਜਿਸ ਵਿਚ ਵਿਦਿਆਰਥੀਆਂ ਵਲੋਂ ਰੰਗਾਰੰਗ ਸੱਭਿਆਚਾਰਕ ਪ੍ਰੋਗਰਾਮ ਪੇਸ਼ ਕੀਤਾ ਗਿਆ। ਸਮਾਗਮ ਵਿਚ ਮੁੱਖ ਮਹਿਮਾਨ ਵਜੋਂ ਪਹੁੰਚੀਆਂ ਸ਼ਖ਼ਸੀਅਤਾਂ ਨੇ ਬੱਚਿਆਂ ਦੀ ਪੇਸ਼ਕਾਰੀ ਦੀ ਭਰਪੂਰ ਸ਼ਲਾਘਾ ਕੀਤੀ। ਗਿੱਧਾ, ਭੰਗੜਾ, ਕਵੀਸ਼ਰੀ ਅਤੇ ਨਾਟਕਾਂ ਰਾਹੀਂ ਵਿਦਿਆਰਥੀਆਂ ਨੇ ਸਮਾਜਿਕ ਬੁਰਾਈਆਂ ਪ੍ਰਤੀ ਜਾਗਰੂਕ ਕੀਤਾ। ਇਸ ਮੌਕੇ ਪੜ੍ਹਾਈ ਅਤੇ ਖੇਡਾਂ ਵਿਚ ਮੱਲਾਂ ਮਾਰਨ ਵਾਲੇ ਵਿਦਿਆਰਥੀਆਂ ਨੂੰ ਇਨਾਮ ਵੰਡੇ ਗਏ। ਸਕੂਲ ਪ੍ਰਬੰਧਕ ਕਮੇਟੀ ਨੇ ਆਏ ਹੋਏ ਮਹਿਮਾਨਾਂ ਦਾ ਧੰਨਵਾਦ ਕੀਤਾ।
ਖਡੂਰ ਸਾਹਿਬ, 13 ਦਸੰਬਰ (ਅਜੀਤ ਪ੍ਰਤੀਨਿਧ)-ਸ਼ਾਹ ਹਰਬੰਸ ਸਿੰਘ ਇੰਟਰਨੈਸ਼ਨਲ ਸਕੂਲ ਰਾਣੀਵਲਾਹ ਵਿਖੇ ਸਾਲਾਨਾ ਸਮਾਗਮ ਕਰਵਾਇਆ ਗਿਆ ਜਿਸ ਵਿਚ ਵਿਦਿਆਰਥੀਆਂ ਵਲੋਂ ਰੰਗਾਰੰਗ ਸੱਭਿਆਚਾਰਕ ਪ੍ਰੋਗਰਾਮ ਪੇਸ਼ ਕੀਤਾ ਗਿਆ। ਸਮਾਗਮ ਵਿਚ ਮੁੱਖ ਮਹਿਮਾਨ ਵਜੋਂ ਪ
ਵਧਾਈਆਂ ਮਨਾਈ
ਜਨਮ ਦਿਨ 'ਤੇ ਵਧਾਈ ਦਿੰਦੇ ਹੋਏ ਪਰਿਵਾਰਕ ਮੈਂਬਰ ਅਤੇ ਸਨੇਹੀ ਸੱਜਣ।
C M Y K	ਤਰਨ ਤਾਰਨ – ਪੰਨਾ 12
